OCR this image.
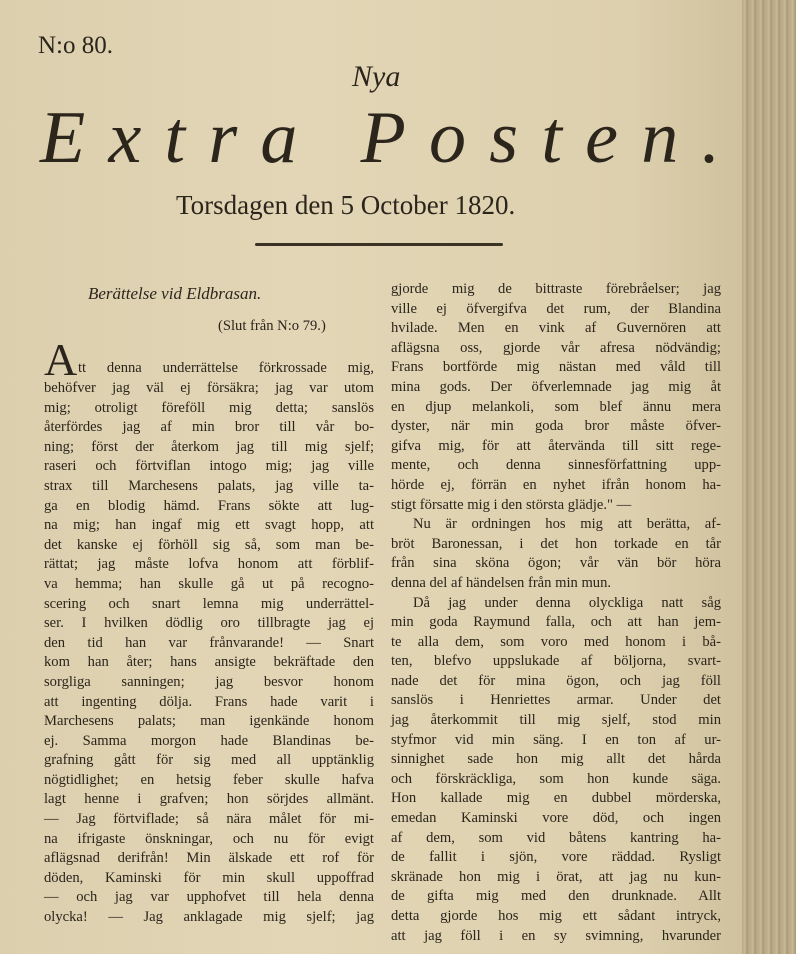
N:o 80.
Nya
E x t r a P o s t e n .
Torsdagen den 5 October 1820.
Berättelse vid Eldbrasan.
(Slut från N:o 79.)
A tt denna underrättelse förkrossade mig,
behöfver jag väl ej försäkra; jag var utom
mig; otroligt föreföll mig detta; sanslös
återfördes jag af min bror till vår bo-
ning; först der återkom jag till mig sjelf;
raseri och förtviflan intogo mig; jag ville
strax till Marchesens palats, jag ville ta-
ga en blodig hämd. Frans sökte att lug-
na mig; han ingaf mig ett svagt hopp, att
det kanske ej förhöll sig så, som man be-
rättat; jag måste lofva honom att förblif-
va hemma; han skulle gå ut på recogno-
scering och snart lemna mig underrättel-
ser. I hvilken dödlig oro tillbragte jag ej
den tid han var frånvarande! — Snart
kom han åter; hans ansigte bekräftade den
sorgliga sanningen; jag besvor honom
att ingenting dölja. Frans hade varit i
Marchesens palats; man igenkände honom
ej. Samma morgon hade Blandinas be-
grafning gått för sig med all upptänklig
nögtidlighet; en hetsig feber skulle hafva
lagt henne i grafven; hon sörjdes allmänt.
— Jag förtviflade; så nära målet för mi-
na ifrigaste önskningar, och nu för evigt
aflägsnad derifrån! Min älskade ett rof för
döden, Kaminski för min skull uppoffrad
— och jag var upphofvet till hela denna
olycka! — Jag anklagade mig sjelf; jag
gjorde mig de bittraste förebråelser; jag
ville ej öfvergifva det rum, der Blandina
hvilade. Men en vink af Guvernören att
aflägsna oss, gjorde vår afresa nödvändig;
Frans bortförde mig nästan med våld till
mina gods. Der öfverlemnade jag mig åt
en djup melankoli, som blef ännu mera
dyster, när min goda bror måste öfver-
gifva mig, för att återvända till sitt rege-
mente, och denna sinnesförfattning upp-
hörde ej, förrän en nyhet ifrån honom ha-
stigt försatte mig i den största glädje." —
Nu är ordningen hos mig att berätta, af-
bröt Baronessan, i det hon torkade en tår
från sina sköna ögon; vår vän bör höra
denna del af händelsen från min mun.
Då jag under denna olyckliga natt såg
min goda Raymund falla, och att han jem-
te alla dem, som voro med honom i bå-
ten, blefvo uppslukade af böljorna, svart-
nade det för mina ögon, och jag föll
sanslös i Henriettes armar. Under det
jag återkommit till mig sjelf, stod min
styfmor vid min säng. I en ton af ur-
sinnighet sade hon mig allt det hårda
och förskräckliga, som hon kunde säga.
Hon kallade mig en dubbel mörderska,
emedan Kaminski vore död, och ingen
af dem, som vid båtens kantring ha-
de fallit i sjön, vore räddad. Rysligt
skränade hon mig i örat, att jag nu kun-
de gifta mig med den drunknade. Allt
detta gjorde hos mig ett sådant intryck,
att jag föll i en sy svimning, hvarunder
